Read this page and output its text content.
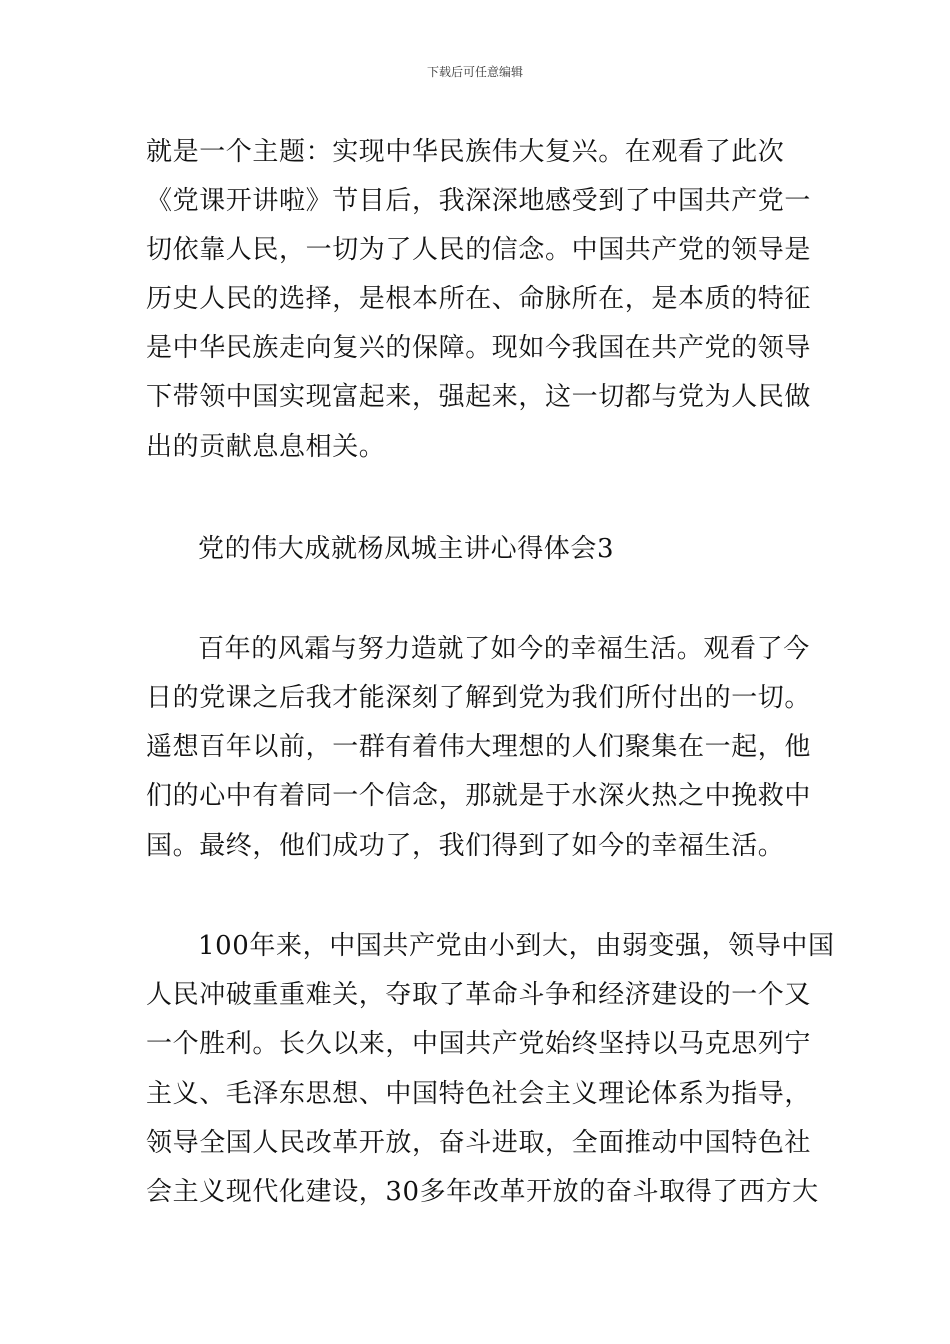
下载后可任意编辑
就是一个主题：实现中华民族伟大复兴。在观看了此次
《党课开讲啦》节目后，我深深地感受到了中国共产党一
切依靠人民，一切为了人民的信念。中国共产党的领导是
历史人民的选择，是根本所在、命脉所在，是本质的特征
是中华民族走向复兴的保障。现如今我国在共产党的领导
下带领中国实现富起来，强起来，这一切都与党为人民做
出的贡献息息相关。
党的伟大成就杨凤城主讲心得体会3
百年的风霜与努力造就了如今的幸福生活。观看了今
日的党课之后我才能深刻了解到党为我们所付出的一切。
遥想百年以前，一群有着伟大理想的人们聚集在一起，他
们的心中有着同一个信念，那就是于水深火热之中挽救中
国。最终，他们成功了，我们得到了如今的幸福生活。
100年来，中国共产党由小到大，由弱变强，领导中国
人民冲破重重难关，夺取了革命斗争和经济建设的一个又
一个胜利。长久以来，中国共产党始终坚持以马克思列宁
主义、毛泽东思想、中国特色社会主义理论体系为指导，
领导全国人民改革开放，奋斗进取，全面推动中国特色社
会主义现代化建设，30多年改革开放的奋斗取得了西方大
